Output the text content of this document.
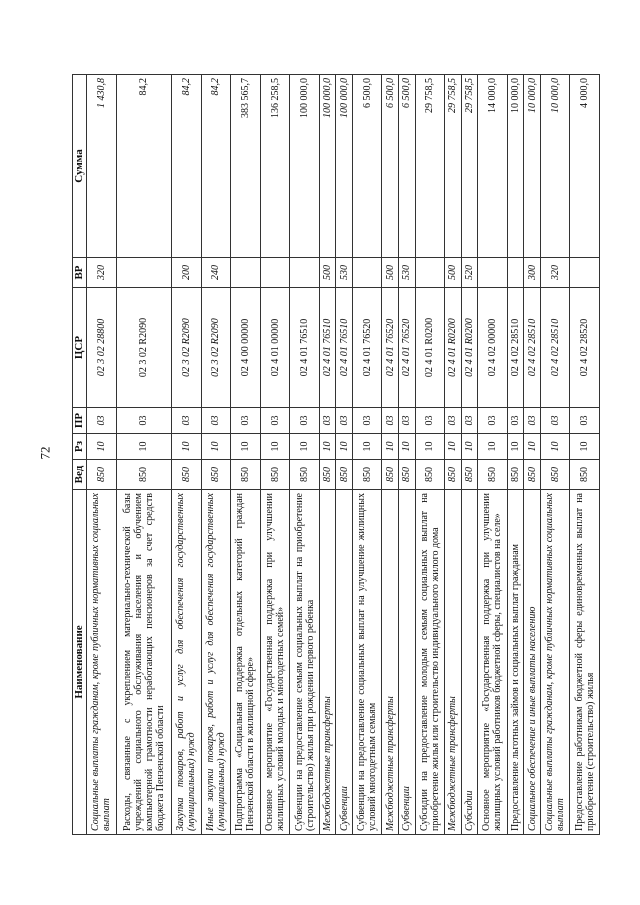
72
Наименование	Вед	Рз	ПР	ЦСР	ВР	Сумма
Социальные выплаты гражданам, кроме публичных нормативных социальных выплат	850	10	03	02 3 02 28800	320	1 430,8
Расходы, связанные с укреплением материально-технической базы учреждений социального обслуживания населения и обучением компьютерной грамотности неработающих пенсионеров за счет средств бюджета Пензенской области	850	10	03	02 3 02 R2090		84,2
Закупка товаров, работ и услуг для обеспечения государственных (муниципальных) нужд	850	10	03	02 3 02 R2090	200	84,2
Иные закупки товаров, работ и услуг для обеспечения государственных (муниципальных) нужд	850	10	03	02 3 02 R2090	240	84,2
Подпрограмма «Социальная поддержка отдельных категорий граждан Пензенской области в жилищной сфере»	850	10	03	02 4 00 00000		383 565,7
Основное мероприятие «Государственная поддержка при улучшении жилищных условий молодых и многодетных семей»	850	10	03	02 4 01 00000		136 258,5
Субвенции на предоставление семьям социальных выплат на приобретение (строительство) жилья при рождении первого ребенка	850	10	03	02 4 01 76510		100 000,0
Межбюджетные трансферты	850	10	03	02 4 01 76510	500	100 000,0
Субвенции	850	10	03	02 4 01 76510	530	100 000,0
Субвенции на предоставление социальных выплат на улучшение жилищных условий многодетным семьям	850	10	03	02 4 01 76520		6 500,0
Межбюджетные трансферты	850	10	03	02 4 01 76520	500	6 500,0
Субвенции	850	10	03	02 4 01 76520	530	6 500,0
Субсидии на предоставление молодым семьям социальных выплат на приобретение жилья или строительство индивидуального жилого дома	850	10	03	02 4 01 R0200		29 758,5
Межбюджетные трансферты	850	10	03	02 4 01 R0200	500	29 758,5
Субсидии	850	10	03	02 4 01 R0200	520	29 758,5
Основное мероприятие «Государственная поддержка при улучшении жилищных условий работников бюджетной сферы, специалистов на селе»	850	10	03	02 4 02 00000		14 000,0
Предоставление льготных займов и социальных выплат гражданам	850	10	03	02 4 02 28510		10 000,0
Социальное обеспечение и иные выплаты населению	850	10	03	02 4 02 28510	300	10 000,0
Социальные выплаты гражданам, кроме публичных нормативных социальных выплат	850	10	03	02 4 02 28510	320	10 000,0
Предоставление работникам бюджетной сферы единовременных выплат на приобретение (строительство) жилья	850	10	03	02 4 02 28520		4 000,0
